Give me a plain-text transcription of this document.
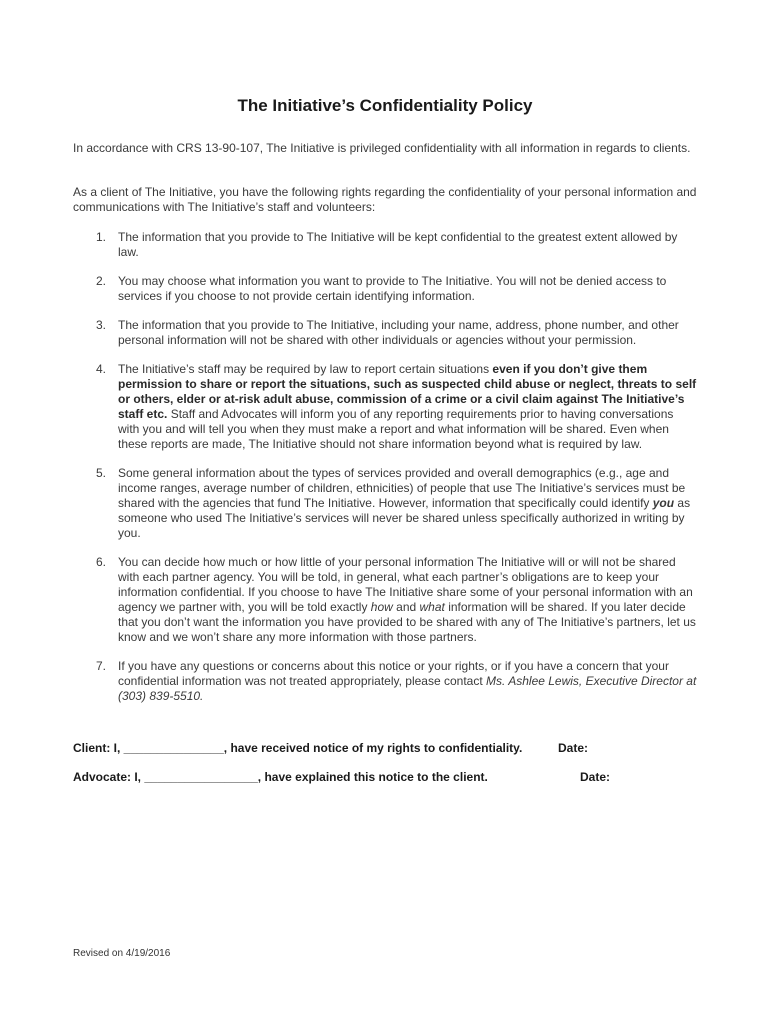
The Initiative’s Confidentiality Policy

In accordance with CRS 13-90-107, The Initiative is privileged confidentiality with all information in regards to clients.

As a client of The Initiative, you have the following rights regarding the confidentiality of your personal information and communications with The Initiative’s staff and volunteers:

1. The information that you provide to The Initiative will be kept confidential to the greatest extent allowed by law.
2. You may choose what information you want to provide to The Initiative. You will not be denied access to services if you choose to not provide certain identifying information.
3. The information that you provide to The Initiative, including your name, address, phone number, and other personal information will not be shared with other individuals or agencies without your permission.
4. The Initiative’s staff may be required by law to report certain situations even if you don’t give them permission to share or report the situations, such as suspected child abuse or neglect, threats to self or others, elder or at-risk adult abuse, commission of a crime or a civil claim against The Initiative’s staff etc. Staff and Advocates will inform you of any reporting requirements prior to having conversations with you and will tell you when they must make a report and what information will be shared. Even when these reports are made, The Initiative should not share information beyond what is required by law.
5. Some general information about the types of services provided and overall demographics (e.g., age and income ranges, average number of children, ethnicities) of people that use The Initiative’s services must be shared with the agencies that fund The Initiative. However, information that specifically could identify you as someone who used The Initiative’s services will never be shared unless specifically authorized in writing by you.
6. You can decide how much or how little of your personal information The Initiative will or will not be shared with each partner agency. You will be told, in general, what each partner’s obligations are to keep your information confidential. If you choose to have The Initiative share some of your personal information with an agency we partner with, you will be told exactly how and what information will be shared. If you later decide that you don’t want the information you have provided to be shared with any of The Initiative’s partners, let us know and we won’t share any more information with those partners.
7. If you have any questions or concerns about this notice or your rights, or if you have a concern that your confidential information was not treated appropriately, please contact Ms. Ashlee Lewis, Executive Director at (303) 839-5510.

Client: I, _______________, have received notice of my rights to confidentiality.	Date:

Advocate: I, _________________, have explained this notice to the client.	Date:

Revised on 4/19/2016
